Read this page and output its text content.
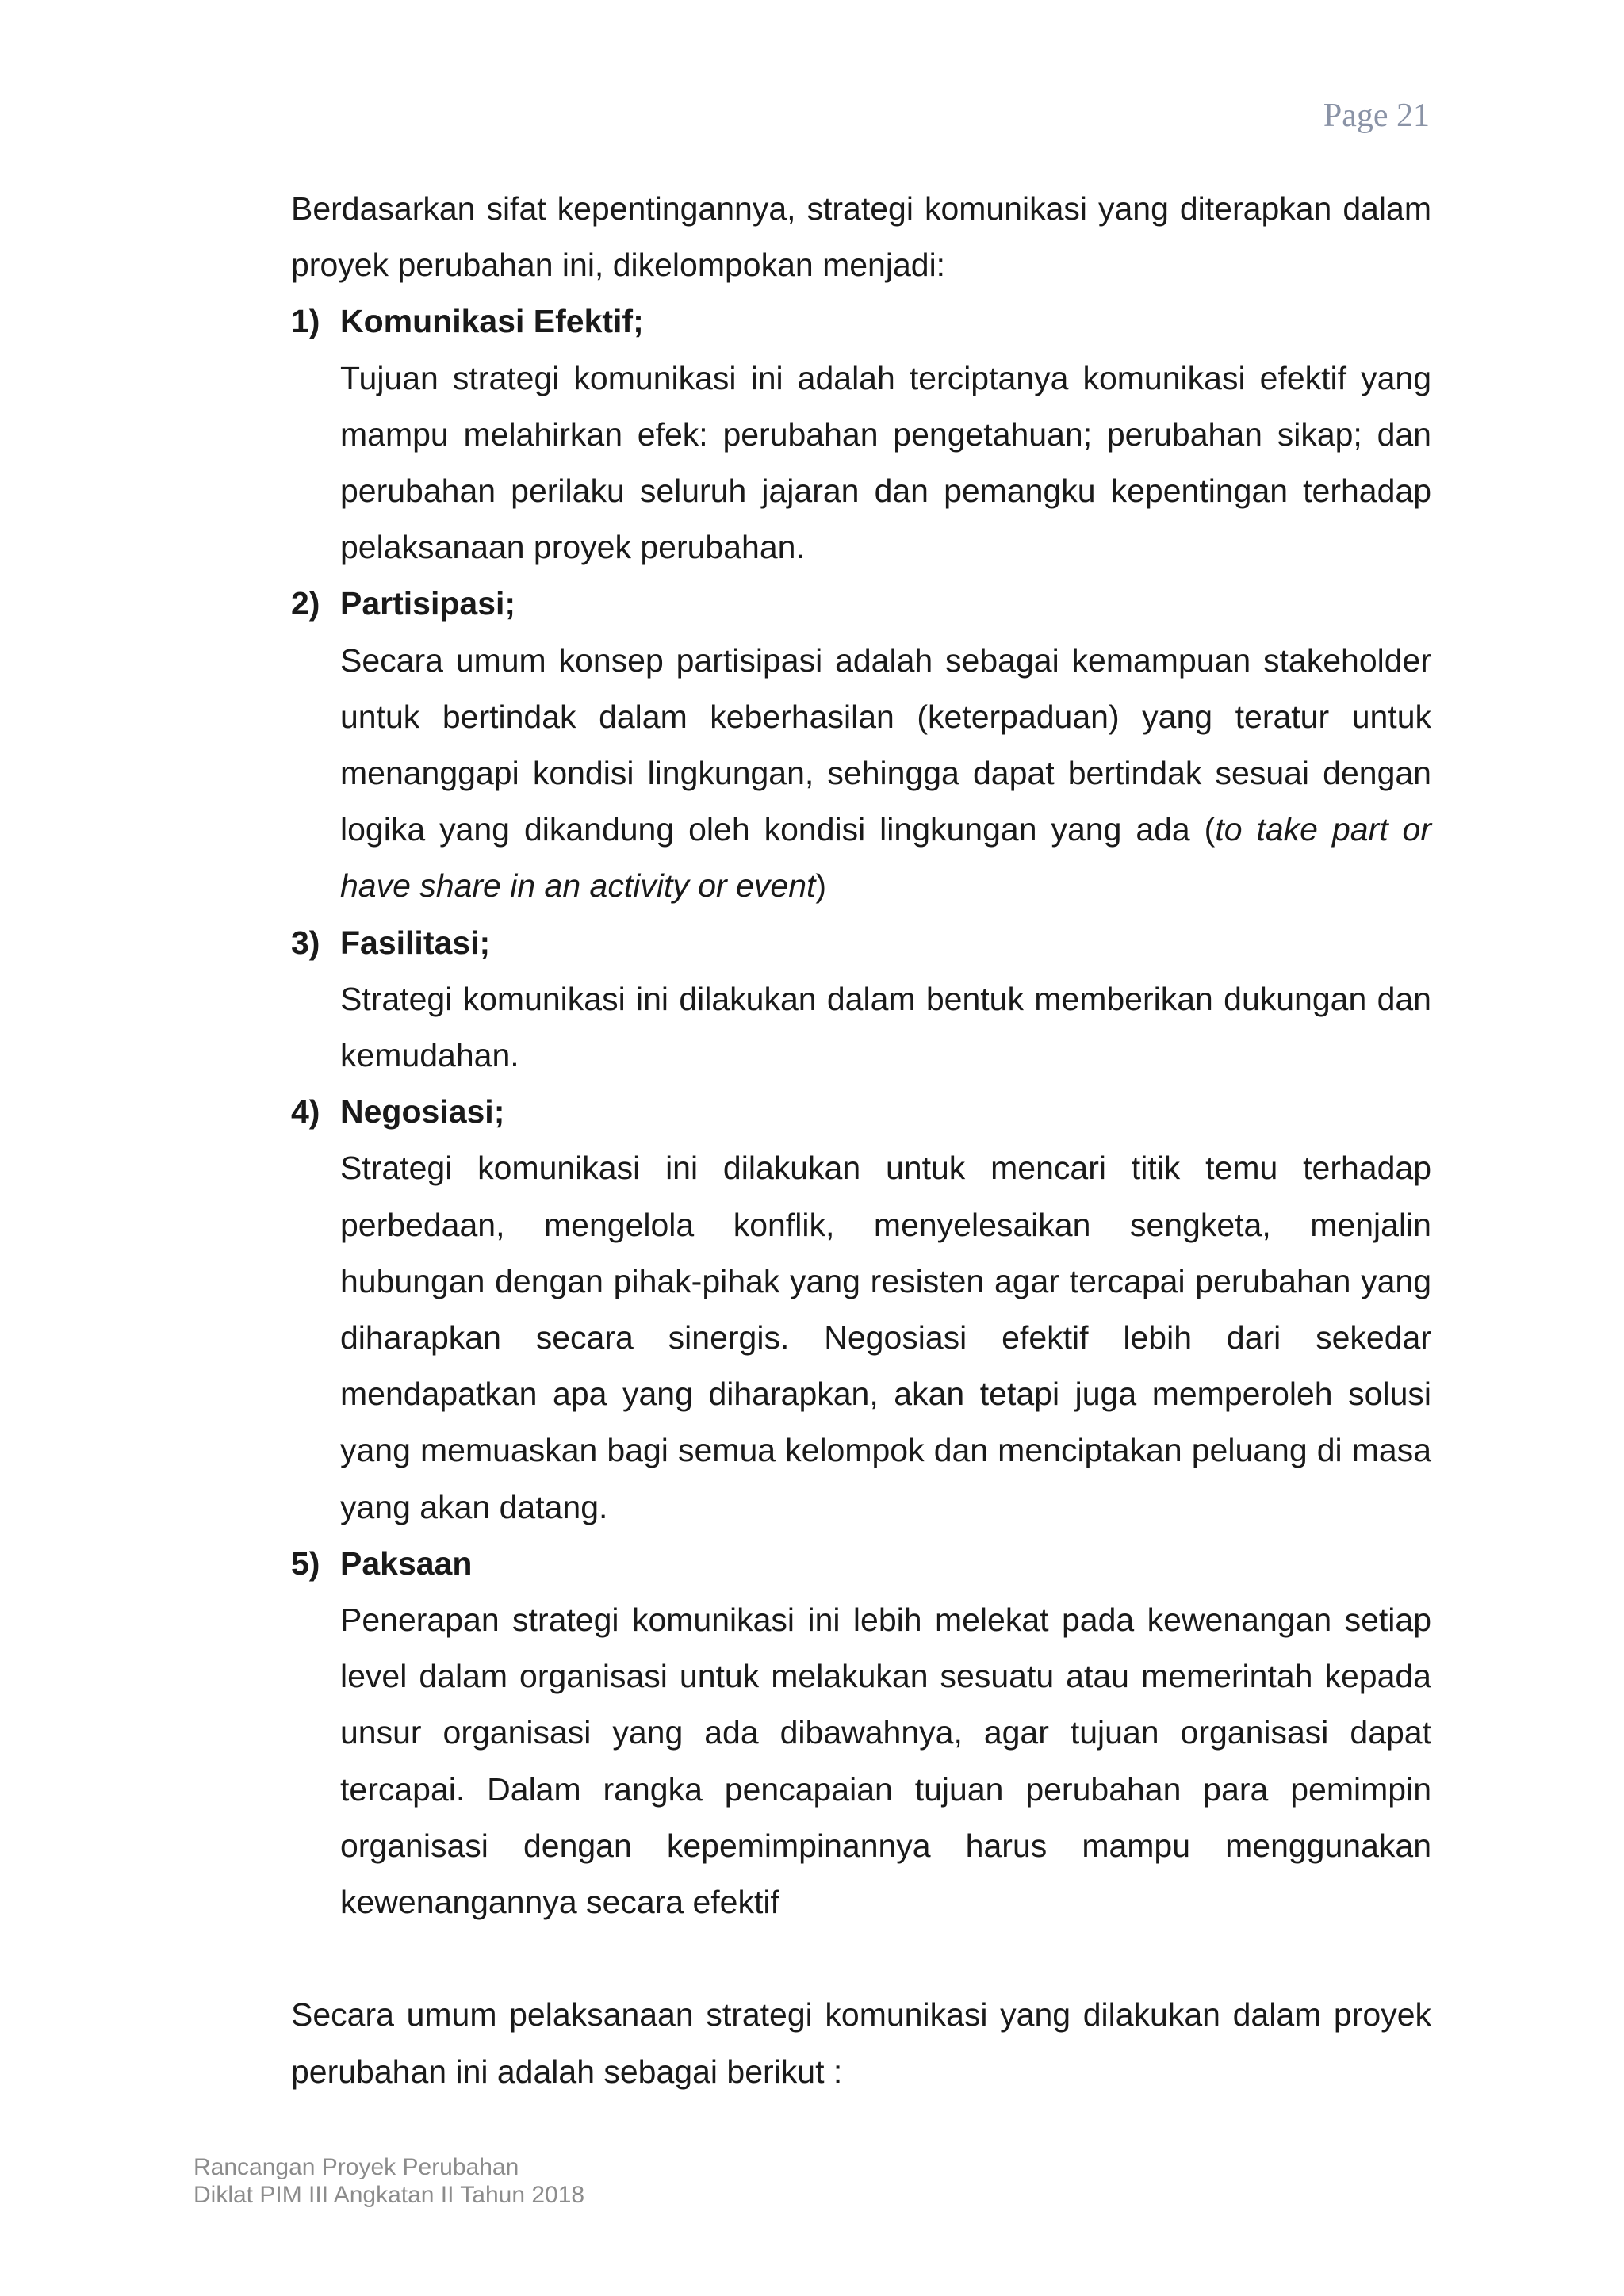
Page 21

Berdasarkan sifat kepentingannya, strategi komunikasi yang diterapkan dalam proyek perubahan ini, dikelompokan menjadi:

1) Komunikasi Efektif;
Tujuan strategi komunikasi ini adalah terciptanya komunikasi efektif yang mampu melahirkan efek: perubahan pengetahuan; perubahan sikap; dan perubahan perilaku seluruh jajaran dan pemangku kepentingan terhadap pelaksanaan proyek perubahan.
2) Partisipasi;
Secara umum konsep partisipasi adalah sebagai kemampuan stakeholder untuk bertindak dalam keberhasilan (keterpaduan) yang teratur untuk menanggapi kondisi lingkungan, sehingga dapat bertindak sesuai dengan logika yang dikandung oleh kondisi lingkungan yang ada (to take part or have share in an activity or event)
3) Fasilitasi;
Strategi komunikasi ini dilakukan dalam bentuk memberikan dukungan dan kemudahan.
4) Negosiasi;
Strategi komunikasi ini dilakukan untuk mencari titik temu terhadap perbedaan, mengelola konflik, menyelesaikan sengketa, menjalin hubungan dengan pihak-pihak yang resisten agar tercapai perubahan yang diharapkan secara sinergis. Negosiasi efektif lebih dari sekedar mendapatkan apa yang diharapkan, akan tetapi juga memperoleh solusi yang memuaskan bagi semua kelompok dan menciptakan peluang di masa yang akan datang.
5) Paksaan
Penerapan strategi komunikasi ini lebih melekat pada kewenangan setiap level dalam organisasi untuk melakukan sesuatu atau memerintah kepada unsur organisasi yang ada dibawahnya, agar tujuan organisasi dapat tercapai. Dalam rangka pencapaian tujuan perubahan para pemimpin organisasi dengan kepemimpinannya harus mampu menggunakan kewenangannya secara efektif

Secara umum pelaksanaan strategi komunikasi yang dilakukan dalam proyek perubahan ini adalah sebagai berikut :

Rancangan Proyek Perubahan
Diklat PIM III Angkatan II Tahun 2018
